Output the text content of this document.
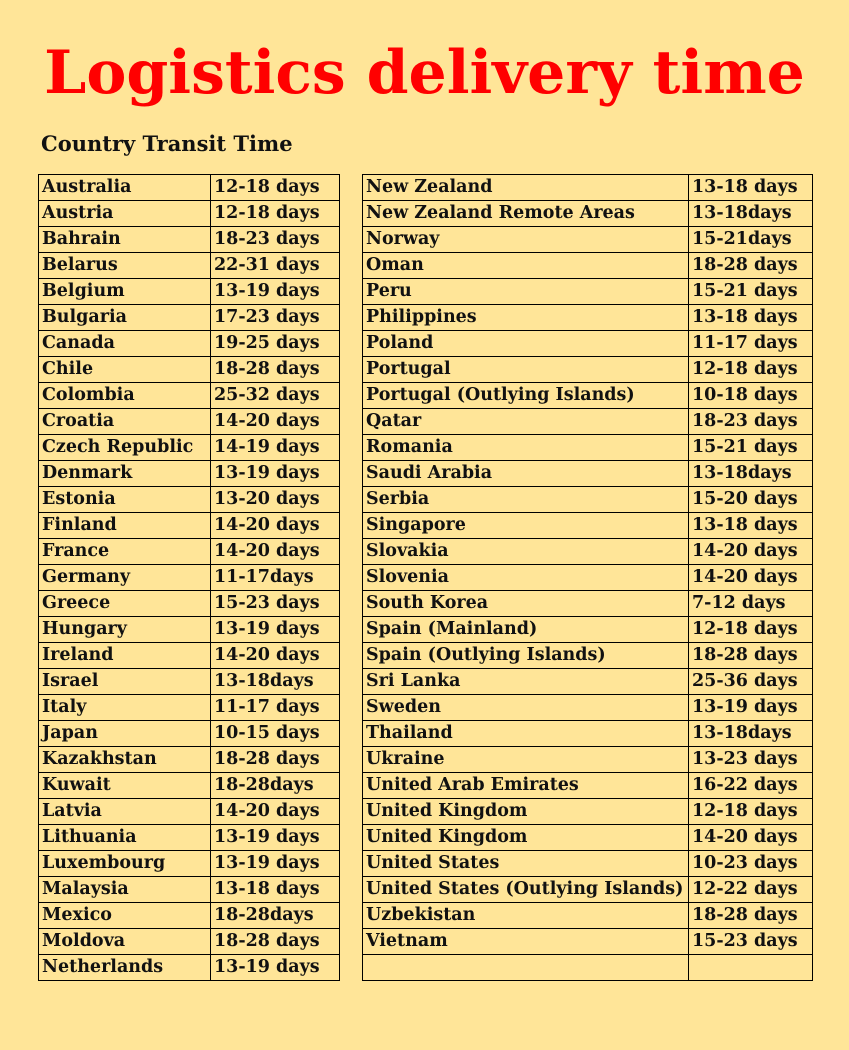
Logistics delivery time
Country Transit Time
Australia	12-18 days
Austria	12-18 days
Bahrain	18-23 days
Belarus	22-31 days
Belgium	13-19 days
Bulgaria	17-23 days
Canada	19-25 days
Chile	18-28 days
Colombia	25-32 days
Croatia	14-20 days
Czech Republic	14-19 days
Denmark	13-19 days
Estonia	13-20 days
Finland	14-20 days
France	14-20 days
Germany	11-17days
Greece	15-23 days
Hungary	13-19 days
Ireland	14-20 days
Israel	13-18days
Italy	11-17 days
Japan	10-15 days
Kazakhstan	18-28 days
Kuwait	18-28days
Latvia	14-20 days
Lithuania	13-19 days
Luxembourg	13-19 days
Malaysia	13-18 days
Mexico	18-28days
Moldova	18-28 days
Netherlands	13-19 days
New Zealand	13-18 days
New Zealand Remote Areas	13-18days
Norway	15-21days
Oman	18-28 days
Peru	15-21 days
Philippines	13-18 days
Poland	11-17 days
Portugal	12-18 days
Portugal (Outlying Islands)	10-18 days
Qatar	18-23 days
Romania	15-21 days
Saudi Arabia	13-18days
Serbia	15-20 days
Singapore	13-18 days
Slovakia	14-20 days
Slovenia	14-20 days
South Korea	7-12 days
Spain (Mainland)	12-18 days
Spain (Outlying Islands)	18-28 days
Sri Lanka	25-36 days
Sweden	13-19 days
Thailand	13-18days
Ukraine	13-23 days
United Arab Emirates	16-22 days
United Kingdom	12-18 days
United Kingdom	14-20 days
United States	10-23 days
United States (Outlying Islands)	12-22 days
Uzbekistan	18-28 days
Vietnam	15-23 days
